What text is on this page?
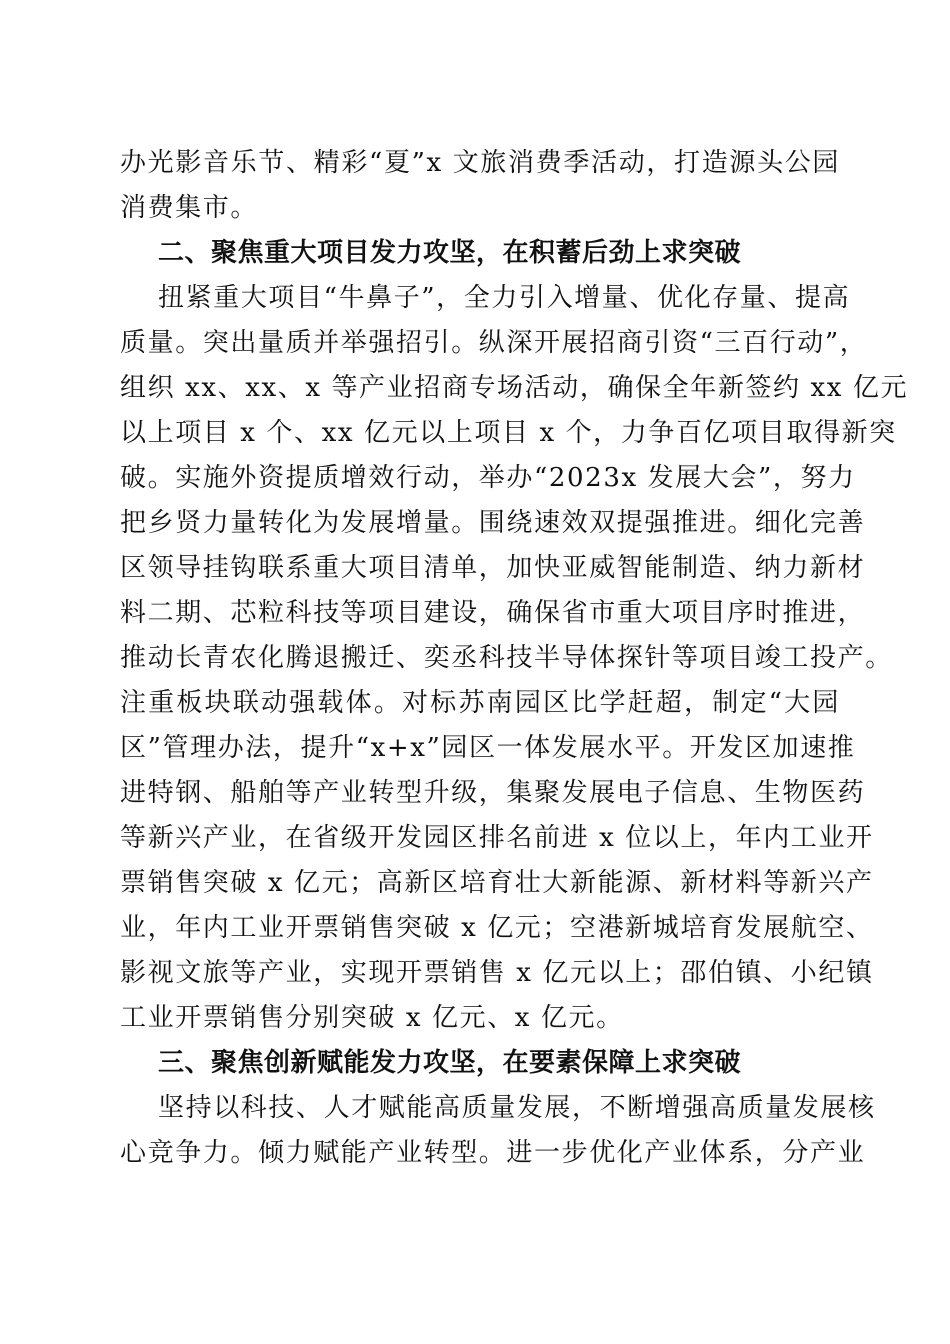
办光影音乐节、精彩“夏”x 文旅消费季活动，打造源头公园
消费集市。
二、聚焦重大项目发力攻坚，在积蓄后劲上求突破
扭紧重大项目“牛鼻子”，全力引入增量、优化存量、提高
质量。突出量质并举强招引。纵深开展招商引资“三百行动”，
组织 xx、xx、x 等产业招商专场活动，确保全年新签约 xx 亿元
以上项目 x 个、xx 亿元以上项目 x 个，力争百亿项目取得新突
破。实施外资提质增效行动，举办“2023x 发展大会”，努力
把乡贤力量转化为发展增量。围绕速效双提强推进。细化完善
区领导挂钩联系重大项目清单，加快亚威智能制造、纳力新材
料二期、芯粒科技等项目建设，确保省市重大项目序时推进，
推动长青农化腾退搬迁、奕丞科技半导体探针等项目竣工投产。
注重板块联动强载体。对标苏南园区比学赶超，制定“大园
区”管理办法，提升“x+x”园区一体发展水平。开发区加速推
进特钢、船舶等产业转型升级，集聚发展电子信息、生物医药
等新兴产业，在省级开发园区排名前进 x 位以上，年内工业开
票销售突破 x 亿元；高新区培育壮大新能源、新材料等新兴产
业，年内工业开票销售突破 x 亿元；空港新城培育发展航空、
影视文旅等产业，实现开票销售 x 亿元以上；邵伯镇、小纪镇
工业开票销售分别突破 x 亿元、x 亿元。
三、聚焦创新赋能发力攻坚，在要素保障上求突破
坚持以科技、人才赋能高质量发展，不断增强高质量发展核
心竞争力。倾力赋能产业转型。进一步优化产业体系，分产业
